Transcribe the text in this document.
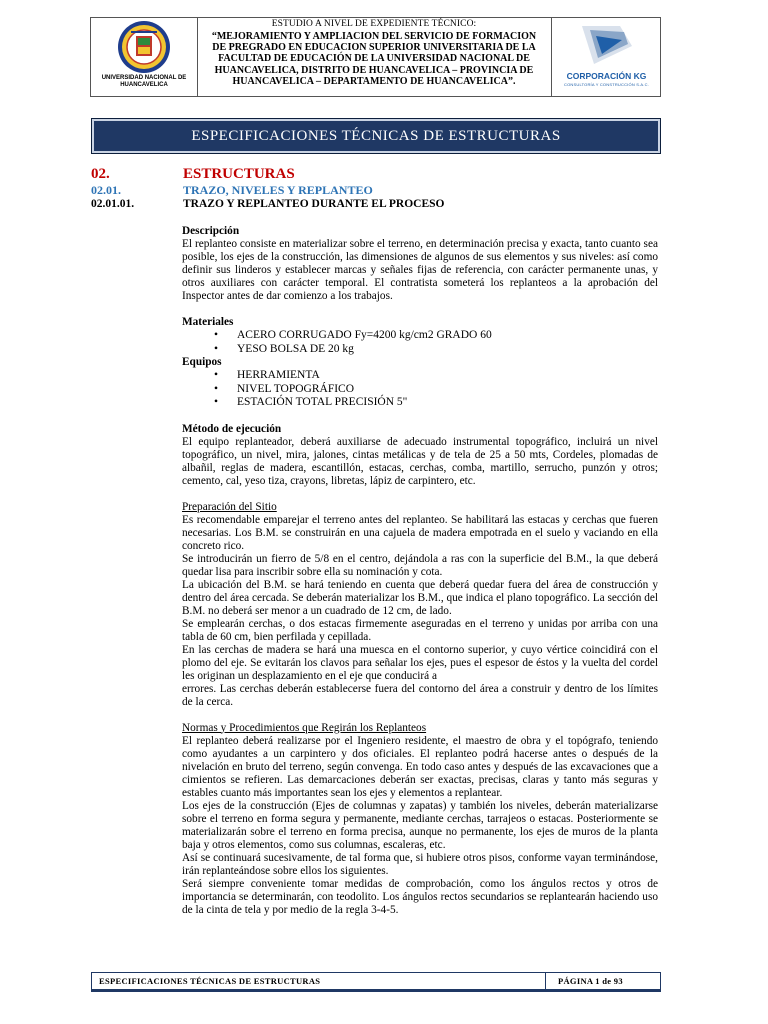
UNIVERSIDAD NACIONAL DE HUANCAVELICA
ESTUDIO A NIVEL DE EXPEDIENTE TÉCNICO:
“MEJORAMIENTO Y AMPLIACION DEL SERVICIO DE FORMACION DE PREGRADO EN EDUCACION SUPERIOR UNIVERSITARIA DE LA FACULTAD DE EDUCACIÓN DE LA UNIVERSIDAD NACIONAL DE HUANCAVELICA, DISTRITO DE HUANCAVELICA – PROVINCIA DE HUANCAVELICA – DEPARTAMENTO DE HUANCAVELICA”.	CORPORACIÓN KG
CONSULTORÍA Y CONSTRUCCIÓN S.A.C.
ESPECIFICACIONES TÉCNICAS DE ESTRUCTURAS
02.	ESTRUCTURAS
02.01.	TRAZO, NIVELES Y REPLANTEO
02.01.01.	TRAZO Y REPLANTEO DURANTE EL PROCESO

Descripción

El replanteo consiste en materializar sobre el terreno, en determinación precisa y exacta, tanto cuanto sea posible, los ejes de la construcción, las dimensiones de algunos de sus elementos y sus niveles: así como definir sus linderos y establecer marcas y señales fijas de referencia, con carácter permanente unas, y otros auxiliares con carácter temporal. El contratista someterá los replanteos a la aprobación del Inspector antes de dar comienzo a los trabajos.

Materiales

• ACERO CORRUGADO Fy=4200 kg/cm2 GRADO 60
• YESO BOLSA DE 20 kg

Equipos

• HERRAMIENTA
• NIVEL TOPOGRÁFICO
• ESTACIÓN TOTAL PRECISIÓN 5"

Método de ejecución

El equipo replanteador, deberá auxiliarse de adecuado instrumental topográfico, incluirá un nivel topográfico, un nivel, mira, jalones, cintas metálicas y de tela de 25 a 50 mts, Cordeles, plomadas de albañil, reglas de madera, escantillón, estacas, cerchas, comba, martillo, serrucho, punzón y otros; cemento, cal, yeso tiza, crayons, libretas, lápiz de carpintero, etc.

Preparación del Sitio

Es recomendable emparejar el terreno antes del replanteo. Se habilitará las estacas y cerchas que fueren necesarias. Los B.M. se construirán en una cajuela de madera empotrada en el suelo y vaciando en ella concreto rico.

Se introducirán un fierro de 5/8 en el centro, dejándola a ras con la superficie del B.M., la que deberá quedar lisa para inscribir sobre ella su nominación y cota.

La ubicación del B.M. se hará teniendo en cuenta que deberá quedar fuera del área de construcción y dentro del área cercada. Se deberán materializar los B.M., que indica el plano topográfico. La sección del B.M. no deberá ser menor a un cuadrado de 12 cm, de lado.

Se emplearán cerchas, o dos estacas firmemente aseguradas en el terreno y unidas por arriba con una tabla de 60 cm, bien perfilada y cepillada.

En las cerchas de madera se hará una muesca en el contorno superior, y cuyo vértice coincidirá con el plomo del eje. Se evitarán los clavos para señalar los ejes, pues el espesor de éstos y la vuelta del cordel les originan un desplazamiento en el eje que conducirá a

errores. Las cerchas deberán establecerse fuera del contorno del área a construir y dentro de los límites de la cerca.

Normas y Procedimientos que Regirán los Replanteos

El replanteo deberá realizarse por el Ingeniero residente, el maestro de obra y el topógrafo, teniendo como ayudantes a un carpintero y dos oficiales. El replanteo podrá hacerse antes o después de la nivelación en bruto del terreno, según convenga. En todo caso antes y después de las excavaciones que a cimientos se refieren. Las demarcaciones deberán ser exactas, precisas, claras y tanto más seguras y estables cuanto más importantes sean los ejes y elementos a replantear.

Los ejes de la construcción (Ejes de columnas y zapatas) y también los niveles, deberán materializarse sobre el terreno en forma segura y permanente, mediante cerchas, tarrajeos o estacas. Posteriormente se materializarán sobre el terreno en forma precisa, aunque no permanente, los ejes de muros de la planta baja y otros elementos, como sus columnas, escaleras, etc.

Así se continuará sucesivamente, de tal forma que, si hubiere otros pisos, conforme vayan terminándose, irán replanteándose sobre ellos los siguientes.

Será siempre conveniente tomar medidas de comprobación, como los ángulos rectos y otros de importancia se determinarán, con teodolito. Los ángulos rectos secundarios se replantearán haciendo uso de la cinta de tela y por medio de la regla 3-4-5.

ESPECIFICACIONES TÉCNICAS DE ESTRUCTURAS	PÁGINA 1 de 93
